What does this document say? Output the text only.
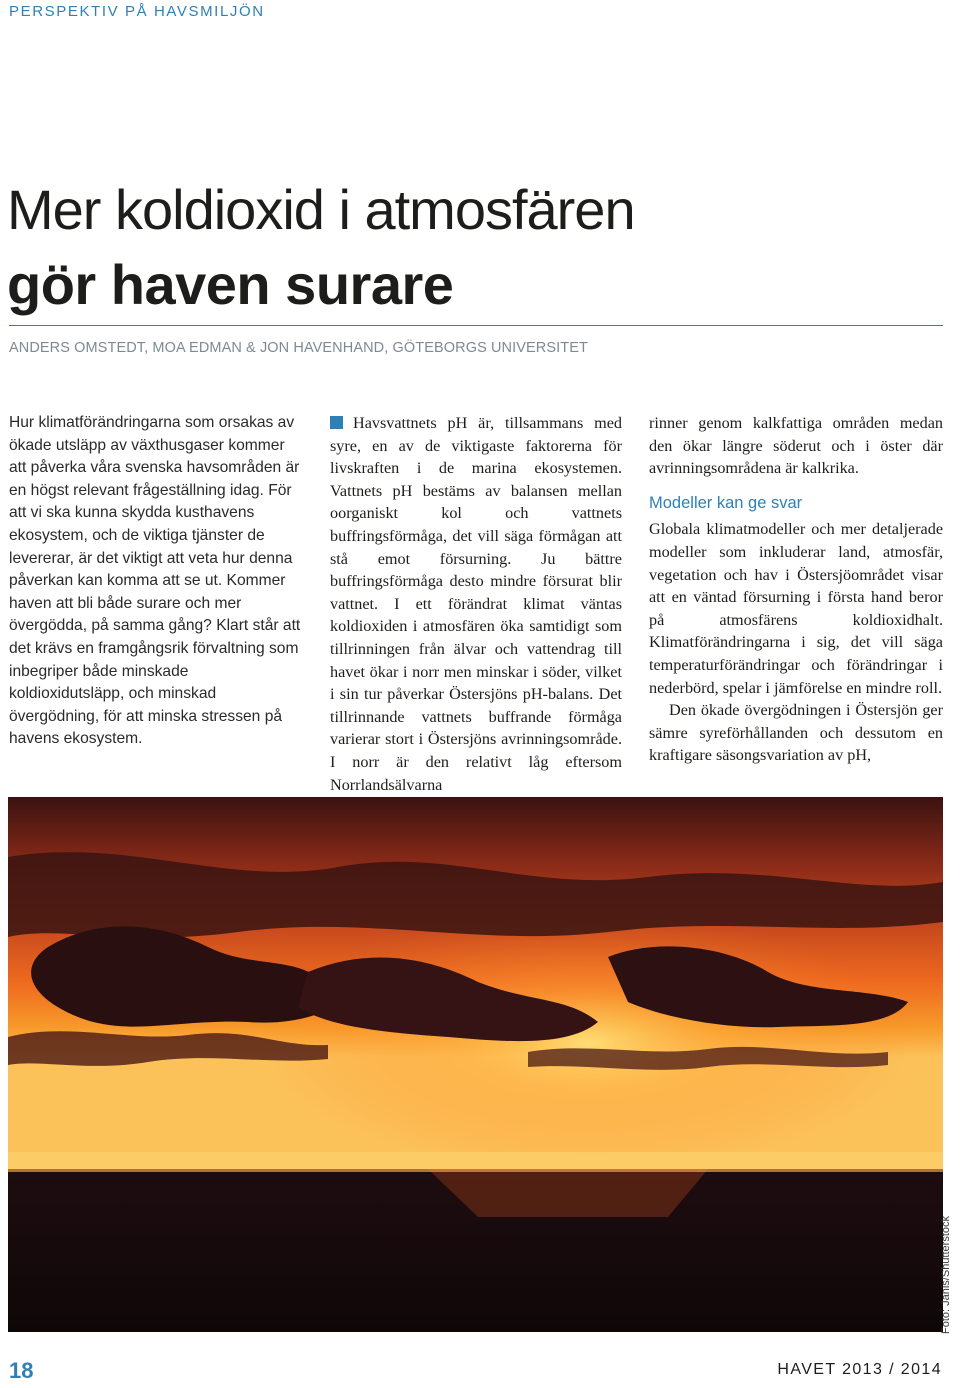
PERSPEKTIV PÅ HAVSMILJÖN
Mer koldioxid i atmosfären
gör haven surare
ANDERS OMSTEDT, MOA EDMAN & JON HAVENHAND, GÖTEBORGS UNIVERSITET

Hur klimatförändringarna som orsakas av ökade utsläpp av växthusgaser kommer att påverka våra svenska havsområden är en högst relevant frågeställning idag. För att vi ska kunna skydda kusthavens ekosystem, och de viktiga tjänster de levererar, är det viktigt att veta hur denna påverkan kan komma att se ut. Kommer haven att bli både surare och mer övergödda, på samma gång? Klart står att det krävs en framgångsrik förvaltning som inbegriper både minskade koldioxidutsläpp, och minskad övergödning, för att minska stressen på havens ekosystem.

Havsvattnets pH är, tillsammans med syre, en av de viktigaste faktorerna för livskraften i de marina ekosystemen. Vattnets pH bestäms av balansen mellan oorganiskt kol och vattnets buffringsförmåga, det vill säga förmågan att stå emot försurning. Ju bättre buffringsförmåga desto mindre försurat blir vattnet. I ett förändrat klimat väntas koldioxiden i atmosfären öka samtidigt som tillrinningen från älvar och vattendrag till havet ökar i norr men minskar i söder, vilket i sin tur påverkar Östersjöns pH-balans. Det tillrinnande vattnets buffrande förmåga varierar stort i Östersjöns avrinningsområde. I norr är den relativt låg eftersom Norrlandsälvarna

rinner genom kalkfattiga områden medan den ökar längre söderut och i öster där avrinningsområdena är kalkrika.

Modeller kan ge svar

Globala klimatmodeller och mer detaljerade modeller som inkluderar land, atmosfär, vegetation och hav i Östersjöområdet visar att en väntad försurning i första hand beror på atmosfärens koldioxidhalt. Klimatförändringarna i sig, det vill säga temperaturförändringar och förändringar i nederbörd, spelar i jämförelse en mindre roll.

Den ökade övergödningen i Östersjön ger sämre syreförhållanden och dessutom en kraftigare säsongsvariation av pH,

Foto: Janis/Shutterstock
18	HAVET 2013 / 2014
